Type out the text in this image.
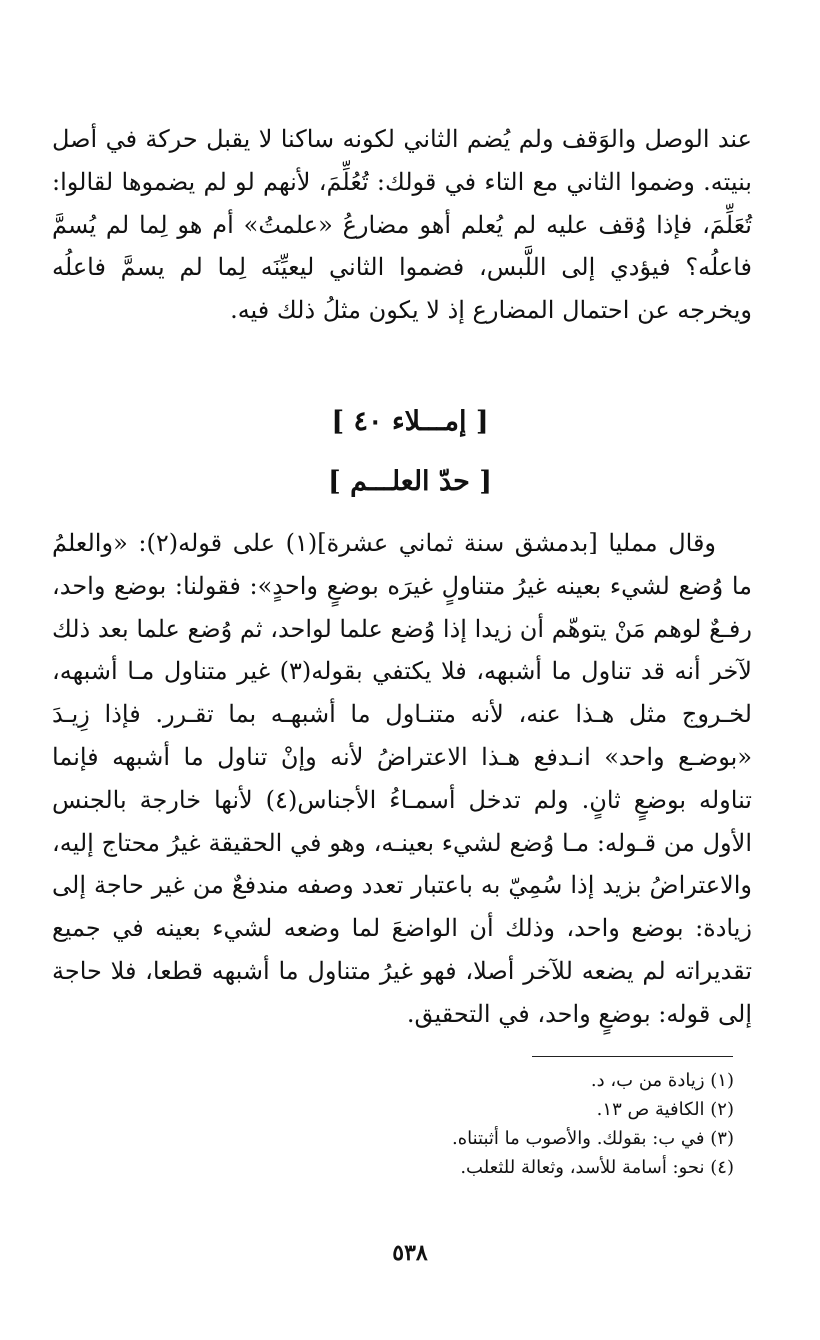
عند الوصل والوَقف ولم يُضم الثاني لكونه ساكنا لا يقبل حركة في أصل بنيته. وضموا الثاني مع التاء في قولك: تُعُلِّمَ، لأنهم لو لم يضموها لقالوا: تُعَلِّمَ، فإذا وُقف عليه لم يُعلم أهو مضارعُ «علمتُ» أم هو لِما لم يُسمَّ فاعلُه؟ فيؤدي إلى اللَّبس، فضموا الثاني ليعيِّنَه لِما لم يسمَّ فاعلُه ويخرجه عن احتمال المضارع إذ لا يكون مثلُ ذلك فيه.

[ إمـــلاء ٤٠ ]
[ حدّ العلـــم ]

وقال ممليا [بدمشق سنة ثماني عشرة](١) على قوله(٢): «والعلمُ ما وُضع لشيء بعينه غيرُ متناولٍ غيرَه بوضعٍ واحدٍ»: فقولنا: بوضع واحد، رفـعٌ لوهم مَنْ يتوهّم أن زيدا إذا وُضع علما لواحد، ثم وُضع علما بعد ذلك لآخر أنه قد تناول ما أشبهه، فلا يكتفي بقوله(٣) غير متناول مـا أشبهه، لخـروج مثل هـذا عنه، لأنه متنـاول ما أشبهـه بما تقـرر. فإذا زِيـدَ «بوضـع واحد» انـدفع هـذا الاعتراضُ لأنه وإنْ تناول ما أشبهه فإنما تناوله بوضعٍ ثانٍ. ولم تدخل أسمـاءُ الأجناس(٤) لأنها خارجة بالجنس الأول من قـوله: مـا وُضع لشيء بعينـه، وهو في الحقيقة غيرُ محتاج إليه، والاعتراضُ بزيد إذا سُمِيّ به باعتبار تعدد وصفه مندفعٌ من غير حاجة إلى زيادة: بوضع واحد، وذلك أن الواضعَ لما وضعه لشيء بعينه في جميع تقديراته لم يضعه للآخر أصلا، فهو غيرُ متناول ما أشبهه قطعا، فلا حاجة إلى قوله: بوضعٍ واحد، في التحقيق.

(١) زيادة من ب، د.
(٢) الكافية ص ١٣.
(٣) في ب: بقولك. والأصوب ما أثبتناه.
(٤) نحو: أسامة للأسد، وثعالة للثعلب.
٥٣٨
